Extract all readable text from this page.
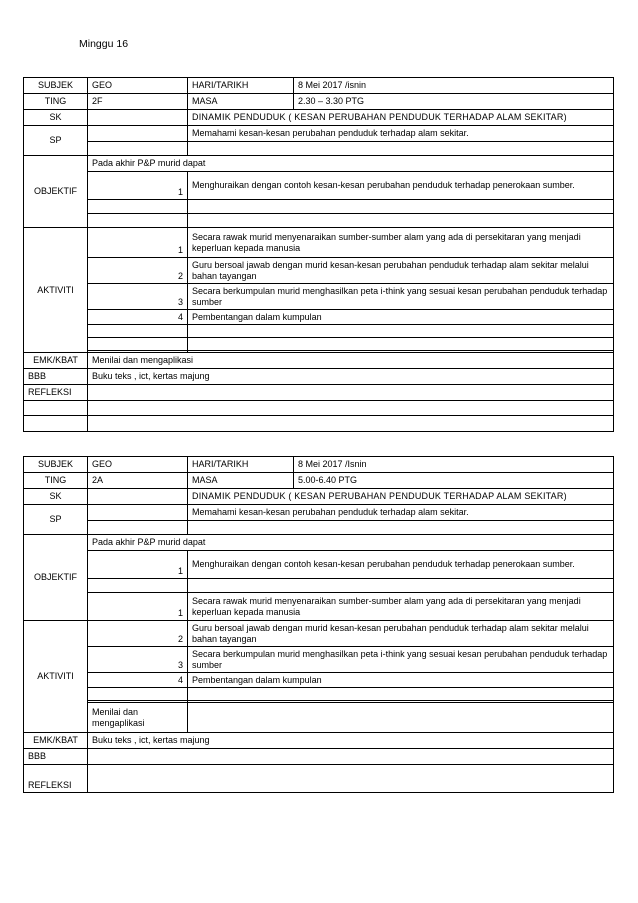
Minggu 16
SUBJEK	GEO	HARI/TARIKH	8 Mei 2017 /isnin
TING	2F	MASA	2.30 – 3.30 PTG
SK		DINAMIK PENDUDUK ( KESAN PERUBAHAN PENDUDUK TERHADAP ALAM SEKITAR)	
SP		Memahami kesan-kesan perubahan penduduk terhadap alam sekitar.	

OBJEKTIF	Pada akhir P&P murid dapat		
	1	Menghuraikan dengan contoh kesan-kesan perubahan penduduk terhadap penerokaan sumber.	

AKTIVITI	1	Secara rawak murid menyenaraikan sumber-sumber alam yang ada di persekitaran yang menjadi keperluan kepada manusia	
	2	Guru bersoal jawab dengan murid kesan-kesan perubahan penduduk terhadap alam sekitar melalui bahan tayangan	
	3	Secara berkumpulan murid menghasilkan peta i-think yang sesuai kesan perubahan penduduk terhadap sumber	
	4	Pembentangan dalam kumpulan	

EMK/KBAT	Menilai dan mengaplikasi		
BBB	Buku teks , ict, kertas majung		
REFLEKSI			

SUBJEK	GEO	HARI/TARIKH	8 Mei 2017 /Isnin
TING	2A	MASA	5.00-6.40 PTG
SK		DINAMIK PENDUDUK ( KESAN PERUBAHAN PENDUDUK TERHADAP ALAM SEKITAR)	
SP		Memahami kesan-kesan perubahan penduduk terhadap alam sekitar.	

OBJEKTIF	Pada akhir P&P murid dapat		
	1	Menghuraikan dengan contoh kesan-kesan perubahan penduduk terhadap penerokaan sumber.	

	1	Secara rawak murid menyenaraikan sumber-sumber alam yang ada di persekitaran yang menjadi keperluan kepada manusia	
AKTIVITI	2	Guru bersoal jawab dengan murid kesan-kesan perubahan penduduk terhadap alam sekitar melalui bahan tayangan	
	3	Secara berkumpulan murid menghasilkan peta i-think yang sesuai kesan perubahan penduduk terhadap sumber	
	4	Pembentangan dalam kumpulan	

	Menilai dan mengaplikasi		
EMK/KBAT	Buku teks , ict, kertas majung		
BBB			
REFLEKSI			
